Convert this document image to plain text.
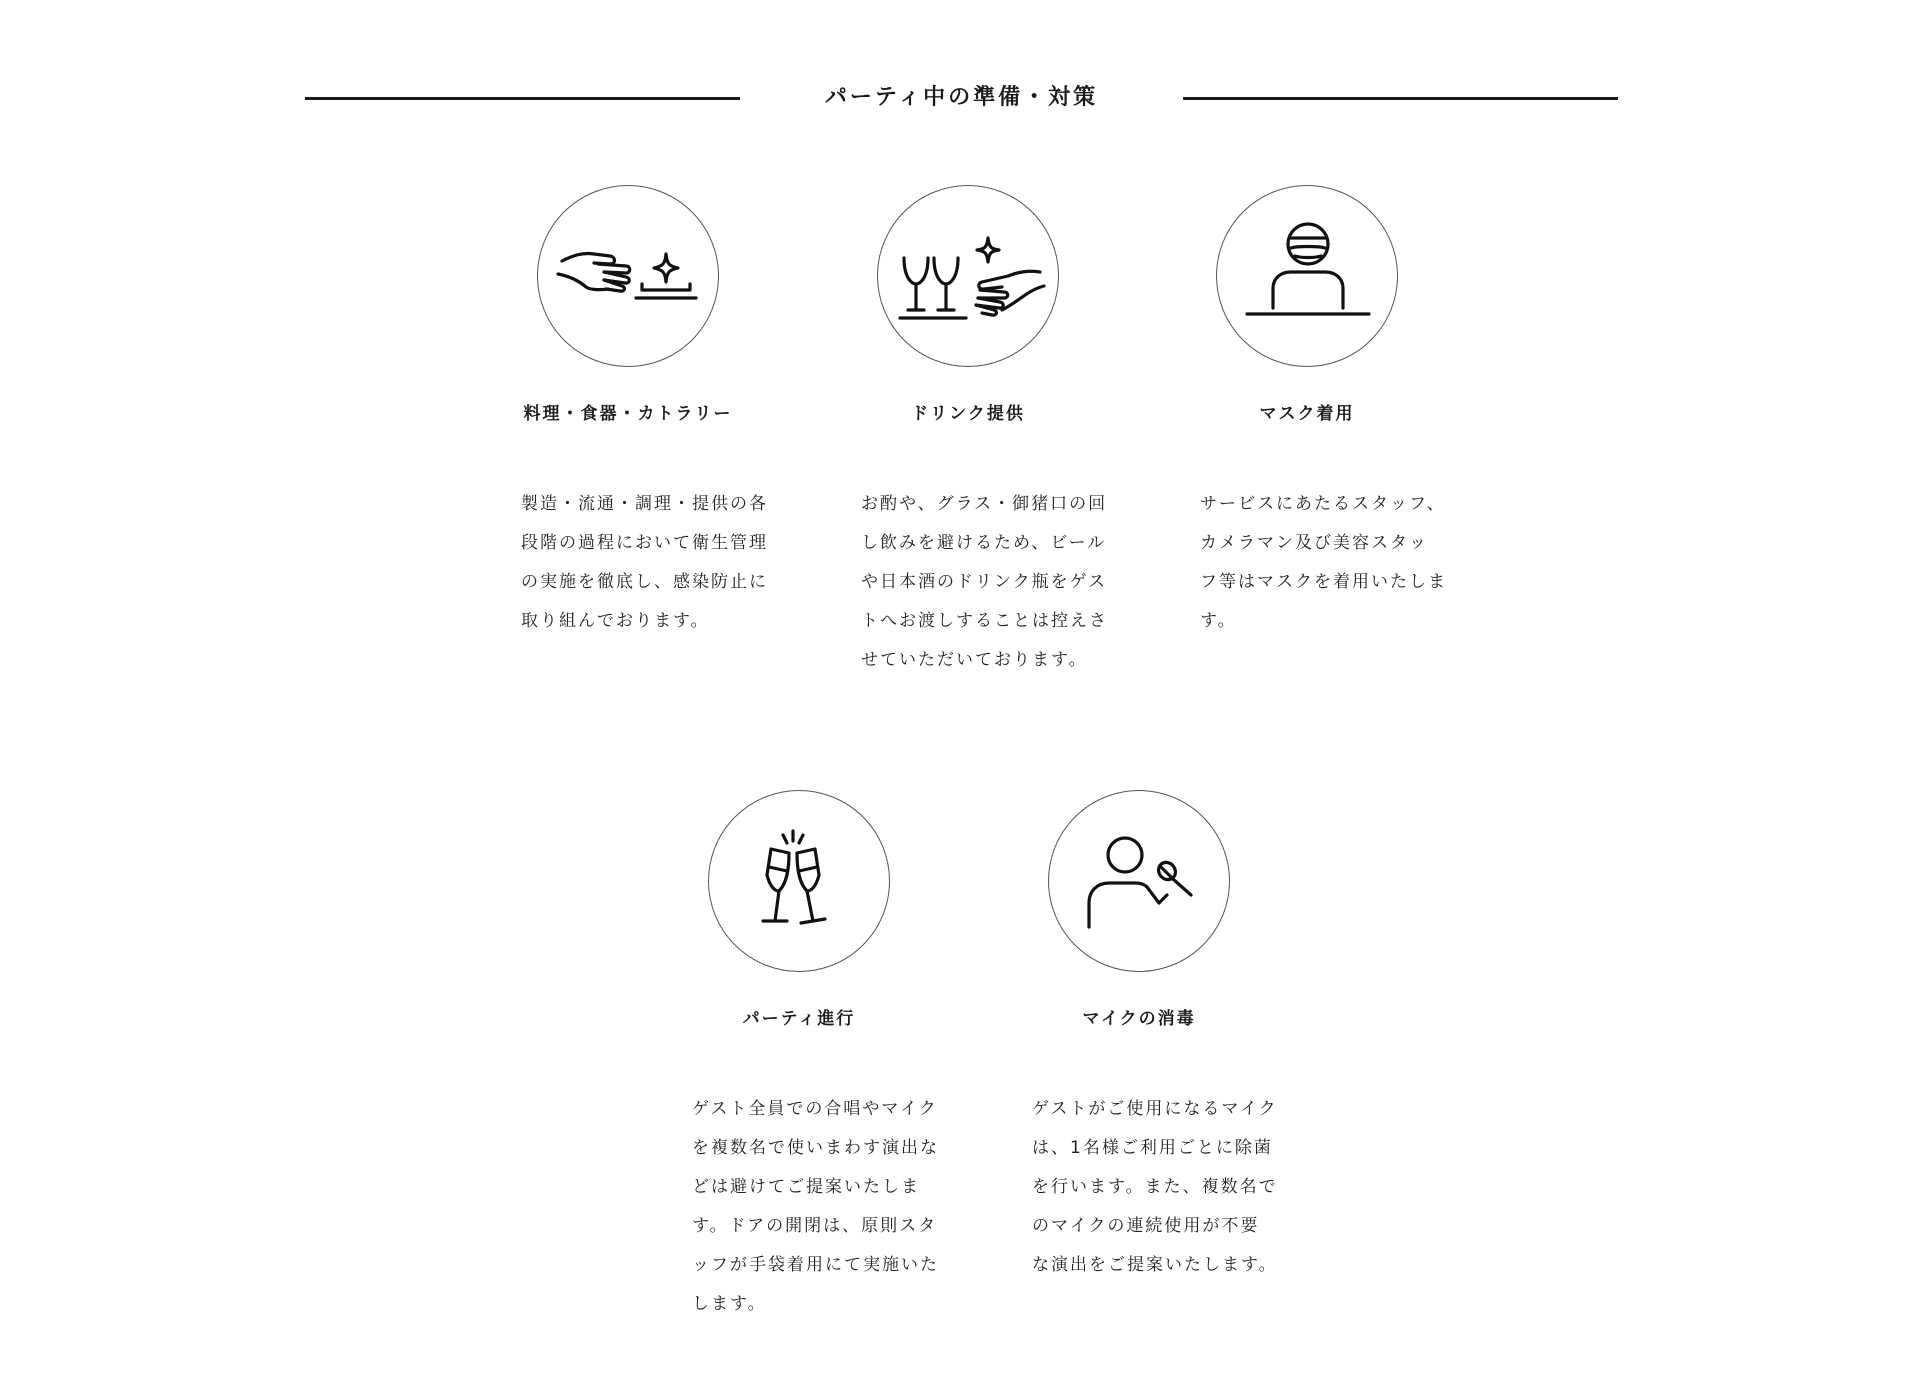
パーティ中の準備・対策
料理・食器・カトラリー
製造・流通・調理・提供の各
段階の過程において衛生管理
の実施を徹底し、感染防止に
取り組んでおります。
ドリンク提供
お酌や、グラス・御猪口の回
し飲みを避けるため、ビール
や日本酒のドリンク瓶をゲス
トへお渡しすることは控えさ
せていただいております。
マスク着用
サービスにあたるスタッフ、
カメラマン及び美容スタッ
フ等はマスクを着用いたしま
す。
パーティ進行
ゲスト全員での合唱やマイク
を複数名で使いまわす演出な
どは避けてご提案いたしま
す。ドアの開閉は、原則スタ
ッフが手袋着用にて実施いた
します。
マイクの消毒
ゲストがご使用になるマイク
は、1名様ご利用ごとに除菌
を行います。また、複数名で
のマイクの連続使用が不要
な演出をご提案いたします。
